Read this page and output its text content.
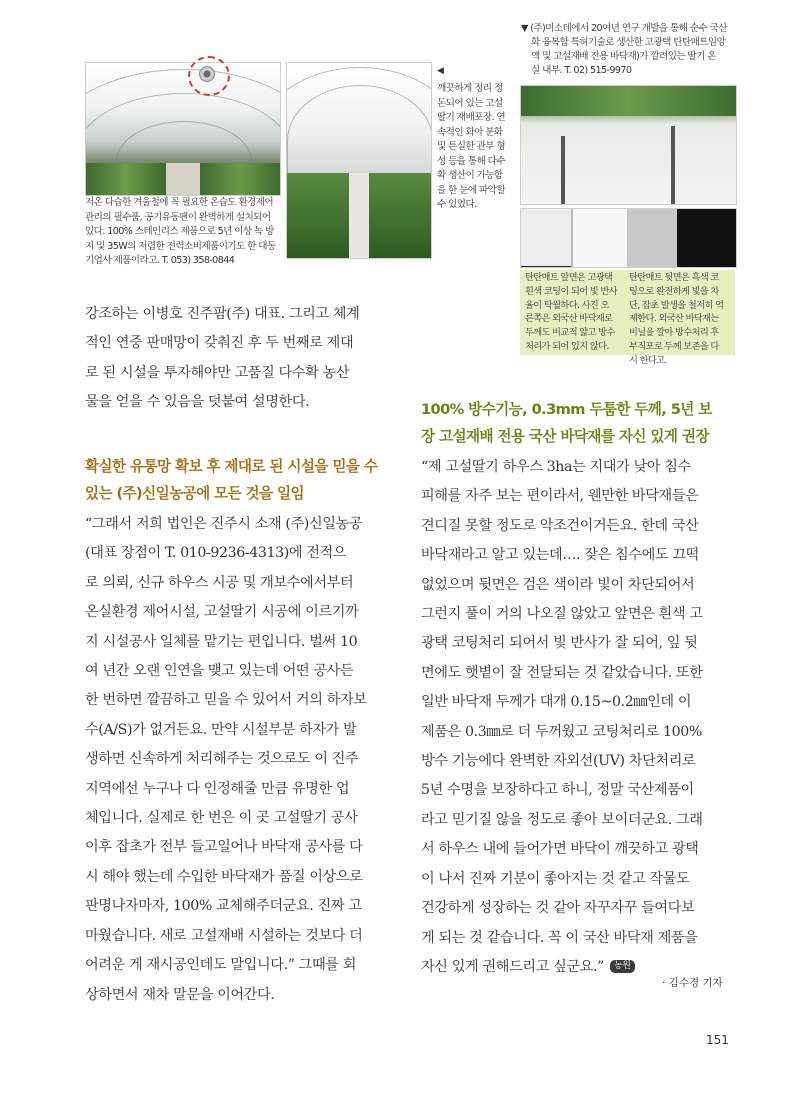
저온 다습한 겨울철에 꼭 필요한 온습도 환경제어
관리의 필수품, 공기유동팬이 완벽하게 설치되어
있다. 100% 스테인리스 제품으로 5년 이상 녹 방
지 및 35W의 저렴한 전력소비제품이기도 한 대동
기업사 제품이라고. T. 053) 358-0844
◀
깨끗하게 정리 정
돈되어 있는 고설
딸기 재배포장. 연
속적인 화아 분화
및 튼실한 관부 형
성 등을 통해 다수
확 생산이 가능함
을 한 눈에 파악할
수 있었다.
▼ (주)미소테에서 20여년 연구 개발을 통해 순수 국산
화 융복합 특허기술로 생산한 고광택 탄탄매트임앙
액 및 고설재배 전용 바닥재)가 깔려있는 딸기 온
실 내부. T. 02) 515-9970
탄탄매트 앞면은 고광택
흰색 코팅이 되어 빛 반사
율이 탁월하다. 사진 오
른쪽은 외국산 바닥재로
두께도 비교적 얇고 방수
처리가 되어 있지 않다.
탄탄매트 뒷면은 흑색 코
팅으로 완전하게 빛을 차
단, 잡초 발생을 철저히 억
제한다. 외국산 바닥재는
비닐을 깔아 방수처리 후
부직포로 두께 보존을 다
시 한다고.
강조하는 이병호 진주팜(주) 대표. 그리고 체계
적인 연중 판매망이 갖춰진 후 두 번째로 제대
로 된 시설을 투자해야만 고품질 다수확 농산
물을 얻을 수 있음을 덧붙여 설명한다.
확실한 유통망 확보 후 제대로 된 시설을 믿을 수
있는 (주)신일농공에 모든 것을 일임
“그래서 저희 법인은 진주시 소재 (주)신일농공
(대표 장점이 T. 010-9236-4313)에 전적으
로 의뢰, 신규 하우스 시공 및 개보수에서부터
온실환경 제어시설, 고설딸기 시공에 이르기까
지 시설공사 일체를 맡기는 편입니다. 벌써 10
여 년간 오랜 인연을 맺고 있는데 어떤 공사든
한 번하면 깔끔하고 믿을 수 있어서 거의 하자보
수(A/S)가 없거든요. 만약 시설부분 하자가 발
생하면 신속하게 처리해주는 것으로도 이 진주
지역에선 누구나 다 인정해줄 만큼 유명한 업
체입니다. 실제로 한 번은 이 곳 고설딸기 공사
이후 잡초가 전부 들고일어나 바닥재 공사를 다
시 해야 했는데 수입한 바닥재가 품질 이상으로
판명나자마자, 100% 교체해주더군요. 진짜 고
마웠습니다. 새로 고설재배 시설하는 것보다 더
어려운 게 재시공인데도 말입니다.” 그때를 회
상하면서 재차 말문을 이어간다.
100% 방수기능, 0.3mm 두툼한 두께, 5년 보
장 고설재배 전용 국산 바닥재를 자신 있게 권장
“제 고설딸기 하우스 3ha는 지대가 낮아 침수
피해를 자주 보는 편이라서, 웬만한 바닥재들은
견디질 못할 정도로 악조건이거든요. 한데 국산
바닥재라고 알고 있는데…. 잦은 침수에도 끄떡
없었으며 뒷면은 검은 색이라 빛이 차단되어서
그런지 풀이 거의 나오질 않았고 앞면은 흰색 고
광택 코팅처리 되어서 빛 반사가 잘 되어, 잎 뒷
면에도 햇볕이 잘 전달되는 것 같았습니다. 또한
일반 바닥재 두께가 대개 0.15~0.2㎜인데 이
제품은 0.3㎜로 더 두꺼웠고 코팅처리로 100%
방수 기능에다 완벽한 자외선(UV) 차단처리로
5년 수명을 보장하다고 하니, 정말 국산제품이
라고 믿기질 않을 정도로 좋아 보이더군요. 그래
서 하우스 내에 들어가면 바닥이 깨끗하고 광택
이 나서 진짜 기분이 좋아지는 것 같고 작물도
건강하게 성장하는 것 같아 자꾸자꾸 들여다보
게 되는 것 같습니다. 꼭 이 국산 바닥재 제품을
자신 있게 권해드리고 싶군요.” 농원
· 김수경 기자
151
